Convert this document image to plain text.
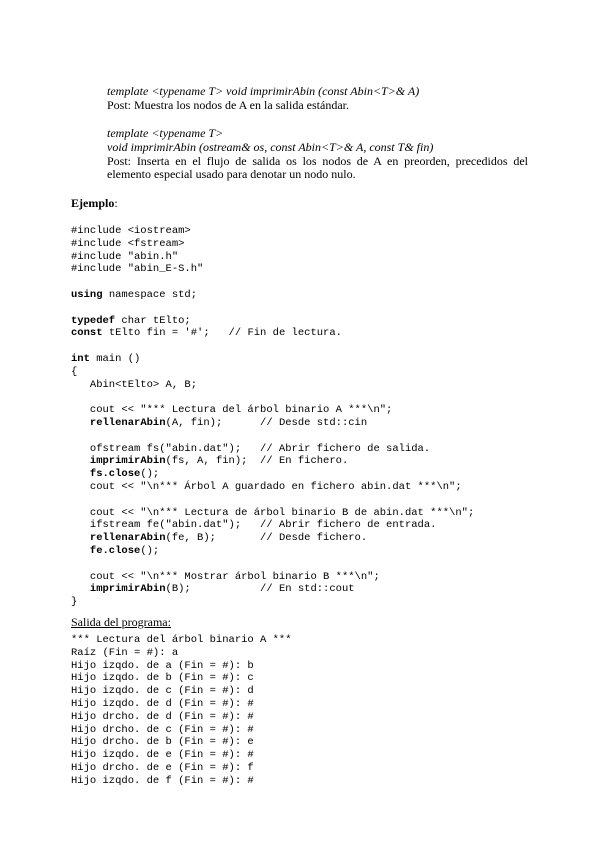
template <typename T> void imprimirAbin (const Abin<T>& A)
Post: Muestra los nodos de A en la salida estándar.
template <typename T>
void imprimirAbin (ostream& os, const Abin<T>& A, const T& fin)
Post: Inserta en el flujo de salida os los nodos de A en preorden, precedidos del elemento especial usado para denotar un nodo nulo.
Ejemplo:
#include <iostream>
#include <fstream>
#include "abin.h"
#include "abin_E-S.h"

using namespace std;

typedef char tElto;
const tElto fin = '#';   // Fin de lectura.

int main ()
{
Abin<tElto> A, B;

cout << "*** Lectura del árbol binario A ***\n";
rellenarAbin(A, fin);      // Desde std::cin

ofstream fs("abin.dat");   // Abrir fichero de salida.
imprimirAbin(fs, A, fin);  // En fichero.
fs.close();
cout << "\n*** Árbol A guardado en fichero abin.dat ***\n";

cout << "\n*** Lectura de árbol binario B de abin.dat ***\n";
ifstream fe("abin.dat");   // Abrir fichero de entrada.
rellenarAbin(fe, B);       // Desde fichero.
fe.close();

cout << "\n*** Mostrar árbol binario B ***\n";
imprimirAbin(B);           // En std::cout
}
Salida del programa:
*** Lectura del árbol binario A ***
Raíz (Fin = #): a
Hijo izqdo. de a (Fin = #): b
Hijo izqdo. de b (Fin = #): c
Hijo izqdo. de c (Fin = #): d
Hijo izqdo. de d (Fin = #): #
Hijo drcho. de d (Fin = #): #
Hijo drcho. de c (Fin = #): #
Hijo drcho. de b (Fin = #): e
Hijo izqdo. de e (Fin = #): #
Hijo drcho. de e (Fin = #): f
Hijo izqdo. de f (Fin = #): #
